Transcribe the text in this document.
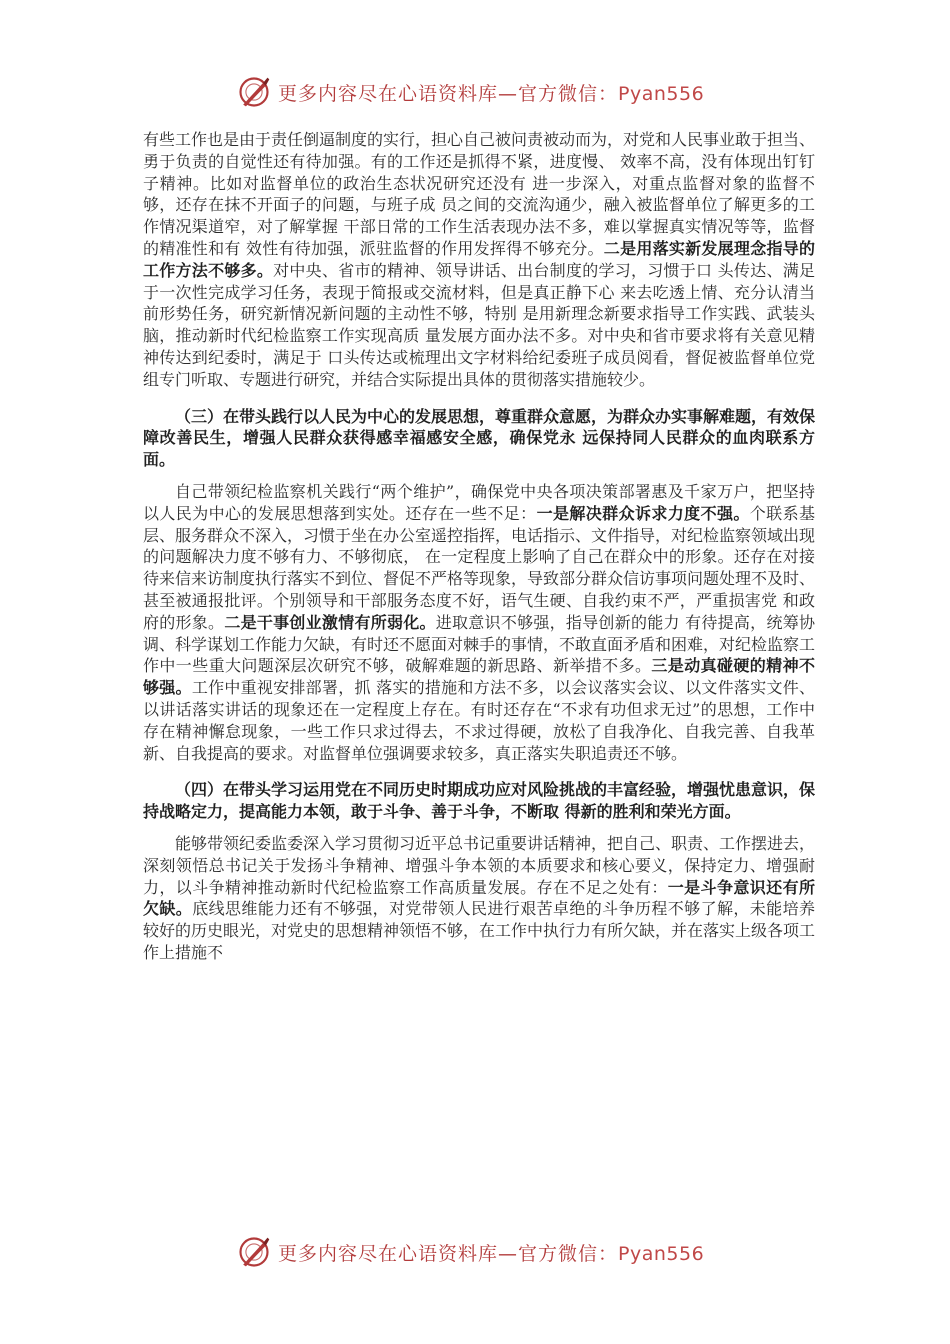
更多内容尽在心语资料库—官方微信：Pyan556

有些工作也是由于责任倒逼制度的实行，担心自己被问责被动而为，对党和人民事业敢于担当、勇于负责的自觉性还有待加强。有的工作还是抓得不紧，进度慢、 效率不高，没有体现出钉钉子精神。比如对监督单位的政治生态状况研究还没有 进一步深入，对重点监督对象的监督不够，还存在抹不开面子的问题，与班子成 员之间的交流沟通少，融入被监督单位了解更多的工作情况渠道窄，对了解掌握 干部日常的工作生活表现办法不多，难以掌握真实情况等等，监督的精准性和有 效性有待加强，派驻监督的作用发挥得不够充分。二是用落实新发展理念指导的 工作方法不够多。对中央、省市的精神、领导讲话、出台制度的学习，习惯于口 头传达、满足于一次性完成学习任务，表现于简报或交流材料，但是真正静下心 来去吃透上情、充分认清当前形势任务，研究新情况新问题的主动性不够，特别 是用新理念新要求指导工作实践、武装头脑，推动新时代纪检监察工作实现高质 量发展方面办法不多。对中央和省市要求将有关意见精神传达到纪委时，满足于 口头传达或梳理出文字材料给纪委班子成员阅看，督促被监督单位党组专门听取、专题进行研究，并结合实际提出具体的贯彻落实措施较少。

（三）在带头践行以人民为中心的发展思想，尊重群众意愿，为群众办实事解难题，有效保障改善民生，增强人民群众获得感幸福感安全感，确保党永 远保持同人民群众的血肉联系方面。

自己带领纪检监察机关践行“两个维护”，确保党中央各项决策部署惠及千家万户，把坚持以人民为中心的发展思想落到实处。还存在一些不足：一是解决群众诉求力度不强。个联系基层、服务群众不深入，习惯于坐在办公室遥控指挥，电话指示、文件指导，对纪检监察领域出现的问题解决力度不够有力、不够彻底， 在一定程度上影响了自己在群众中的形象。还存在对接待来信来访制度执行落实不到位、督促不严格等现象，导致部分群众信访事项问题处理不及时、甚至被通报批评。个别领导和干部服务态度不好，语气生硬、自我约束不严，严重损害党 和政府的形象。二是干事创业激情有所弱化。进取意识不够强，指导创新的能力 有待提高，统筹协调、科学谋划工作能力欠缺，有时还不愿面对棘手的事情，不敢直面矛盾和困难，对纪检监察工作中一些重大问题深层次研究不够，破解难题的新思路、新举措不多。三是动真碰硬的精神不够强。工作中重视安排部署，抓 落实的措施和方法不多，以会议落实会议、以文件落实文件、以讲话落实讲话的现象还在一定程度上存在。有时还存在“不求有功但求无过”的思想，工作中存在精神懈怠现象，一些工作只求过得去，不求过得硬，放松了自我净化、自我完善、自我革新、自我提高的要求。对监督单位强调要求较多，真正落实失职追责还不够。

（四）在带头学习运用党在不同历史时期成功应对风险挑战的丰富经验，增强忧患意识，保持战略定力，提高能力本领，敢于斗争、善于斗争，不断取 得新的胜利和荣光方面。

能够带领纪委监委深入学习贯彻习近平总书记重要讲话精神，把自己、职责、工作摆进去，深刻领悟总书记关于发扬斗争精神、增强斗争本领的本质要求和核心要义，保持定力、增强耐力，以斗争精神推动新时代纪检监察工作高质量发展。存在不足之处有：一是斗争意识还有所欠缺。底线思维能力还有不够强，对党带领人民进行艰苦卓绝的斗争历程不够了解，未能培养较好的历史眼光，对党史的思想精神领悟不够，在工作中执行力有所欠缺，并在落实上级各项工作上措施不

更多内容尽在心语资料库—官方微信：Pyan556
